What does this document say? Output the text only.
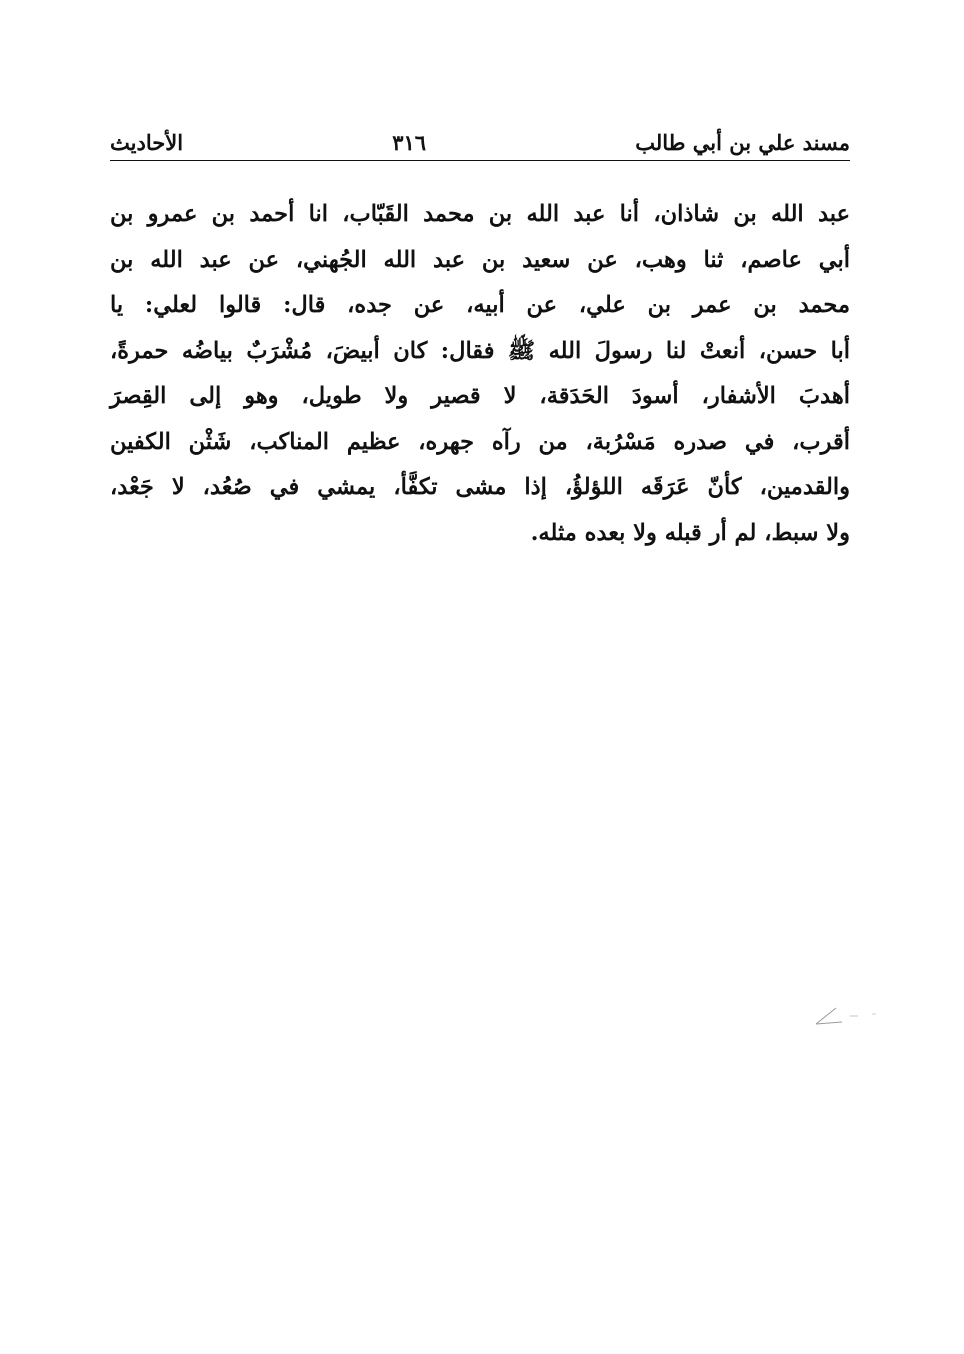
مسند علي بن أبي طالب
٣١٦
الأحاديث
عبد الله بن شاذان، أنا عبد الله بن محمد القَبّاب، انا أحمد بن عمرو بن
أبي عاصم، ثنا وهب، عن سعيد بن عبد الله الجُهني، عن عبد الله بن
محمد بن عمر بن علي، عن أبيه، عن جده، قال: قالوا لعلي: يا
أبا حسن، أنعتْ لنا رسولَ الله ﷺ فقال: كان أبيضَ، مُشْرَبٌ بياضُه حمرةً،
أهدبَ الأشفار، أسودَ الحَدَقة، لا قصير ولا طويل، وهو إلى القِصرَ
أقرب، في صدره مَسْرُبة، من رآه جهره، عظيم المناكب، شَثْن الكفين
والقدمين، كأنّ عَرَقَه اللؤلؤُ، إذا مشى تكفَّأ، يمشي في صُعُد، لا جَعْد،
ولا سبط، لم أر قبله ولا بعده مثله.
